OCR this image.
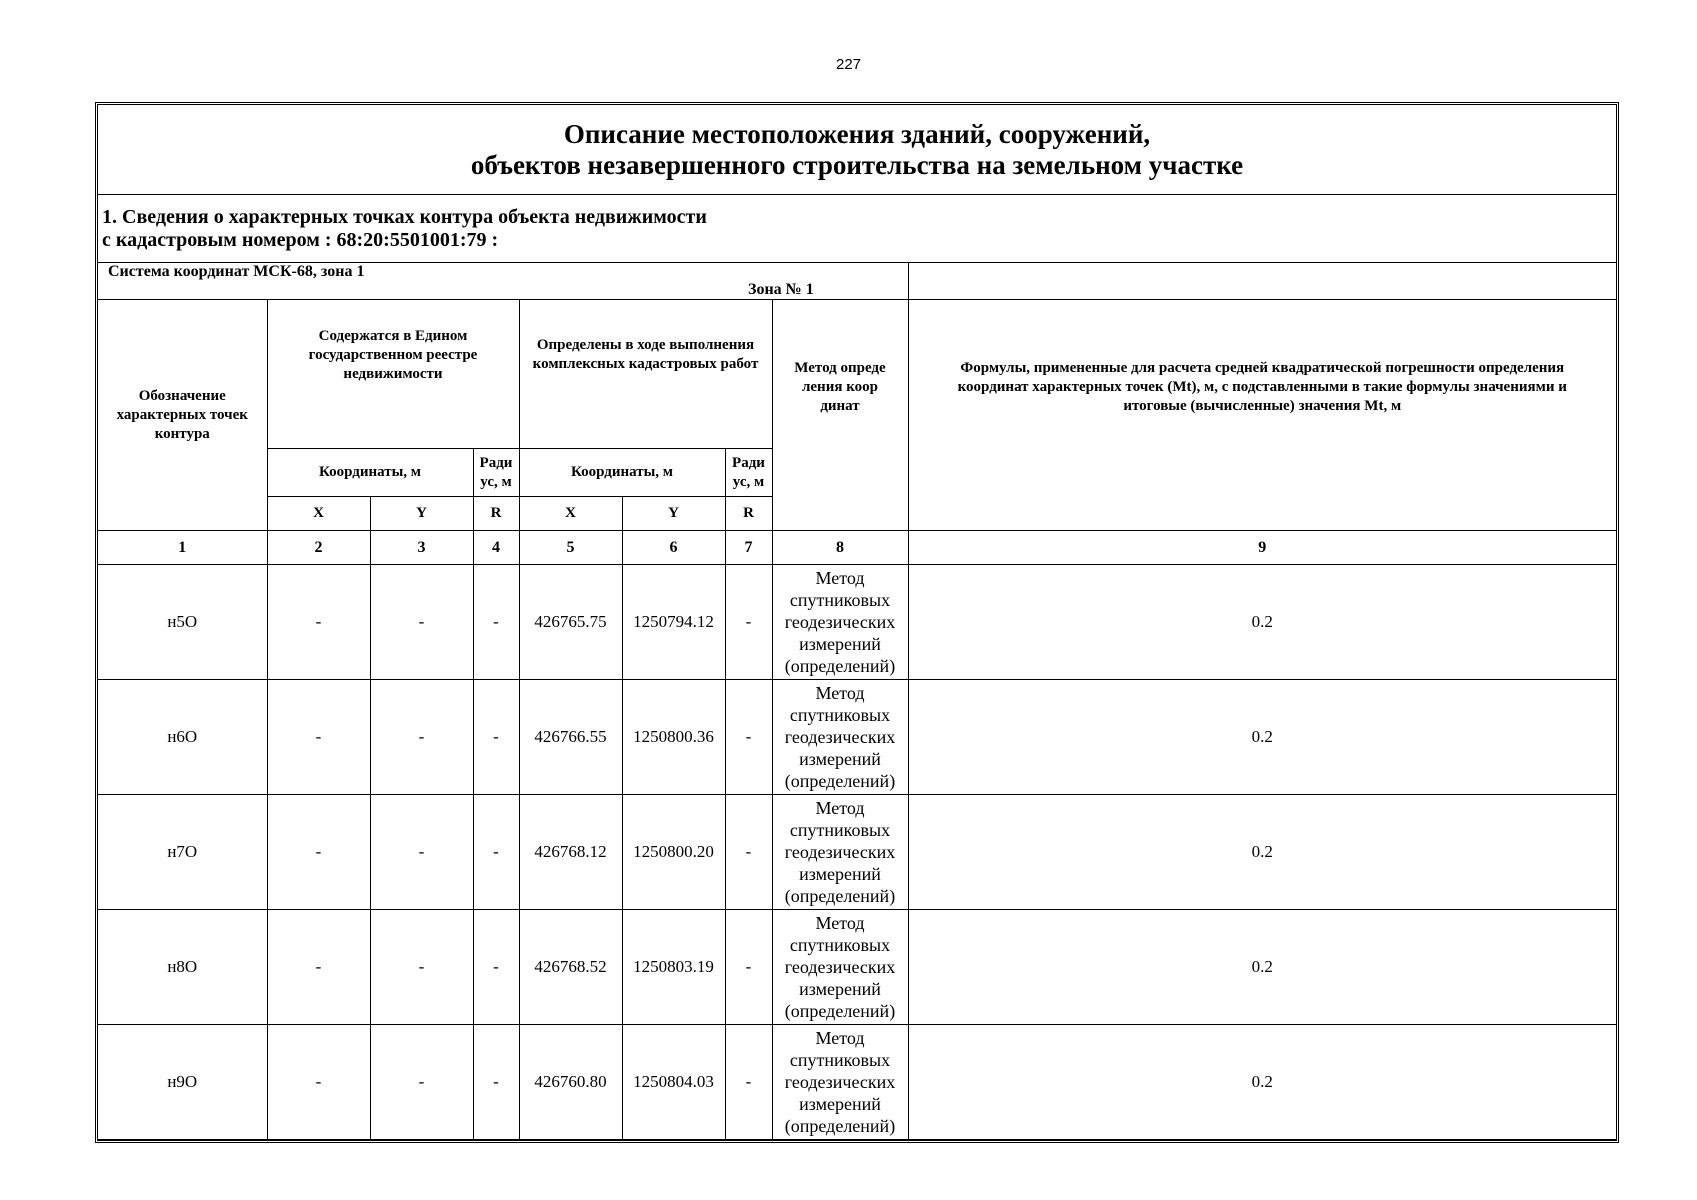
227
Описание местоположения зданий, сооружений,
объектов незавершенного строительства на земельном участке								

1. Сведения о характерных точках контура объекта недвижимости
с кадастровым номером : 68:20:5501001:79 :								

Система координат МСК-68, зона 1 Зона № 1								
Обозначение характерных точек контура	Содержатся в Едином государственном реестре недвижимости			Определены в ходе выполнения комплексных кадастровых работ			Метод опреде ления коор динат	Формулы, примененные для расчета средней квадратической погрешности определения координат характерных точек (Mt), м, с подставленными в такие формулы значениями и итоговые (вычисленные) значения Mt, м

	Координаты, м		Ради ус, м	Координаты, м		Ради ус, м		
	X	Y	R	X	Y	R		
1	2	3	4	5	6	7	8	9
н5О	-	-	-	426765.75	1250794.12	-	Метод спутниковых геодезических измерений (определений)	0.2
н6О	-	-	-	426766.55	1250800.36	-	Метод спутниковых геодезических измерений (определений)	0.2
н7О	-	-	-	426768.12	1250800.20	-	Метод спутниковых геодезических измерений (определений)	0.2
н8О	-	-	-	426768.52	1250803.19	-	Метод спутниковых геодезических измерений (определений)	0.2
н9О	-	-	-	426760.80	1250804.03	-	Метод спутниковых геодезических измерений (определений)	0.2
